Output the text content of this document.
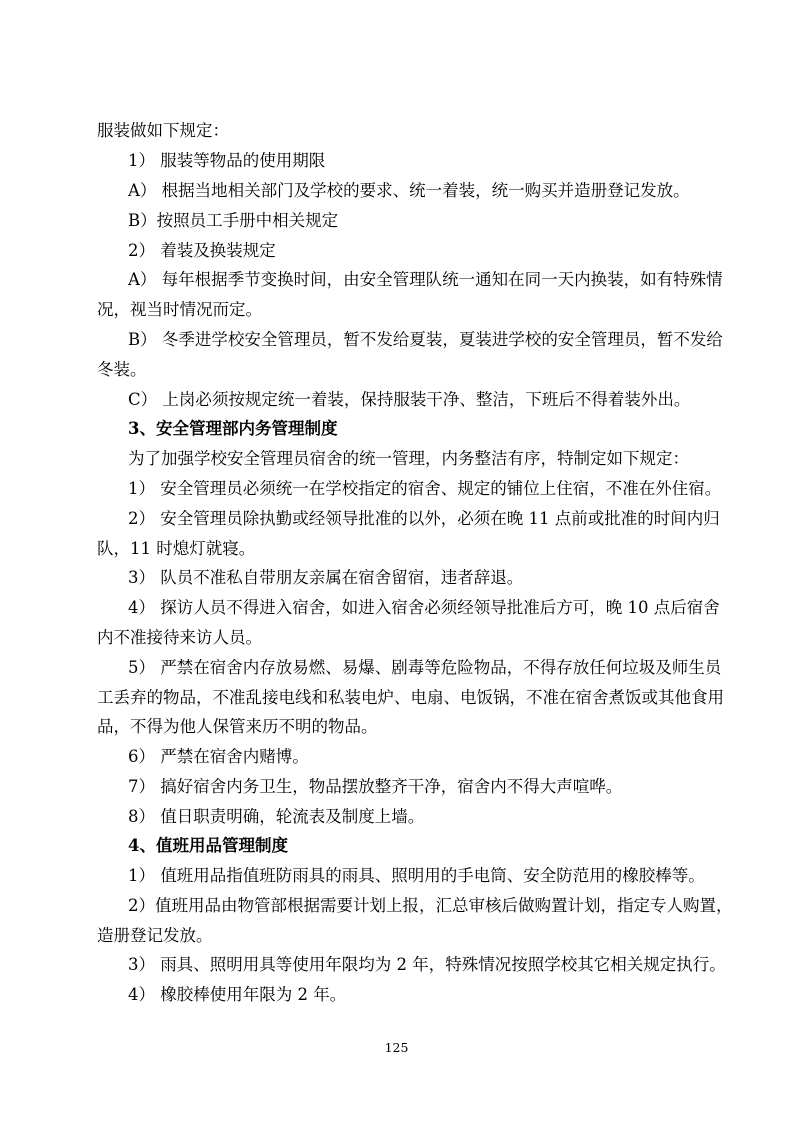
服装做如下规定：
1） 服装等物品的使用期限
A） 根据当地相关部门及学校的要求、统一着装，统一购买并造册登记发放。
B）按照员工手册中相关规定
2） 着装及换装规定
A） 每年根据季节变换时间，由安全管理队统一通知在同一天内换装，如有特殊情
况，视当时情况而定。
B） 冬季进学校安全管理员，暂不发给夏装，夏装进学校的安全管理员，暂不发给
冬装。
C） 上岗必须按规定统一着装，保持服装干净、整洁，下班后不得着装外出。
3、安全管理部内务管理制度
为了加强学校安全管理员宿舍的统一管理，内务整洁有序，特制定如下规定：
1） 安全管理员必须统一在学校指定的宿舍、规定的铺位上住宿，不准在外住宿。
2） 安全管理员除执勤或经领导批准的以外，必须在晚 11 点前或批准的时间内归
队，11 时熄灯就寝。
3） 队员不准私自带朋友亲属在宿舍留宿，违者辞退。
4） 探访人员不得进入宿舍，如进入宿舍必须经领导批准后方可，晚 10 点后宿舍
内不准接待来访人员。
5） 严禁在宿舍内存放易燃、易爆、剧毒等危险物品，不得存放任何垃圾及师生员
工丢弃的物品，不准乱接电线和私装电炉、电扇、电饭锅，不准在宿舍煮饭或其他食用
品，不得为他人保管来历不明的物品。
6） 严禁在宿舍内赌博。
7） 搞好宿舍内务卫生，物品摆放整齐干净，宿舍内不得大声喧哗。
8） 值日职责明确，轮流表及制度上墙。
4、值班用品管理制度
1） 值班用品指值班防雨具的雨具、照明用的手电筒、安全防范用的橡胶棒等。
2）值班用品由物管部根据需要计划上报，汇总审核后做购置计划，指定专人购置，
造册登记发放。
3） 雨具、照明用具等使用年限均为 2 年，特殊情况按照学校其它相关规定执行。
4） 橡胶棒使用年限为 2 年。
125
